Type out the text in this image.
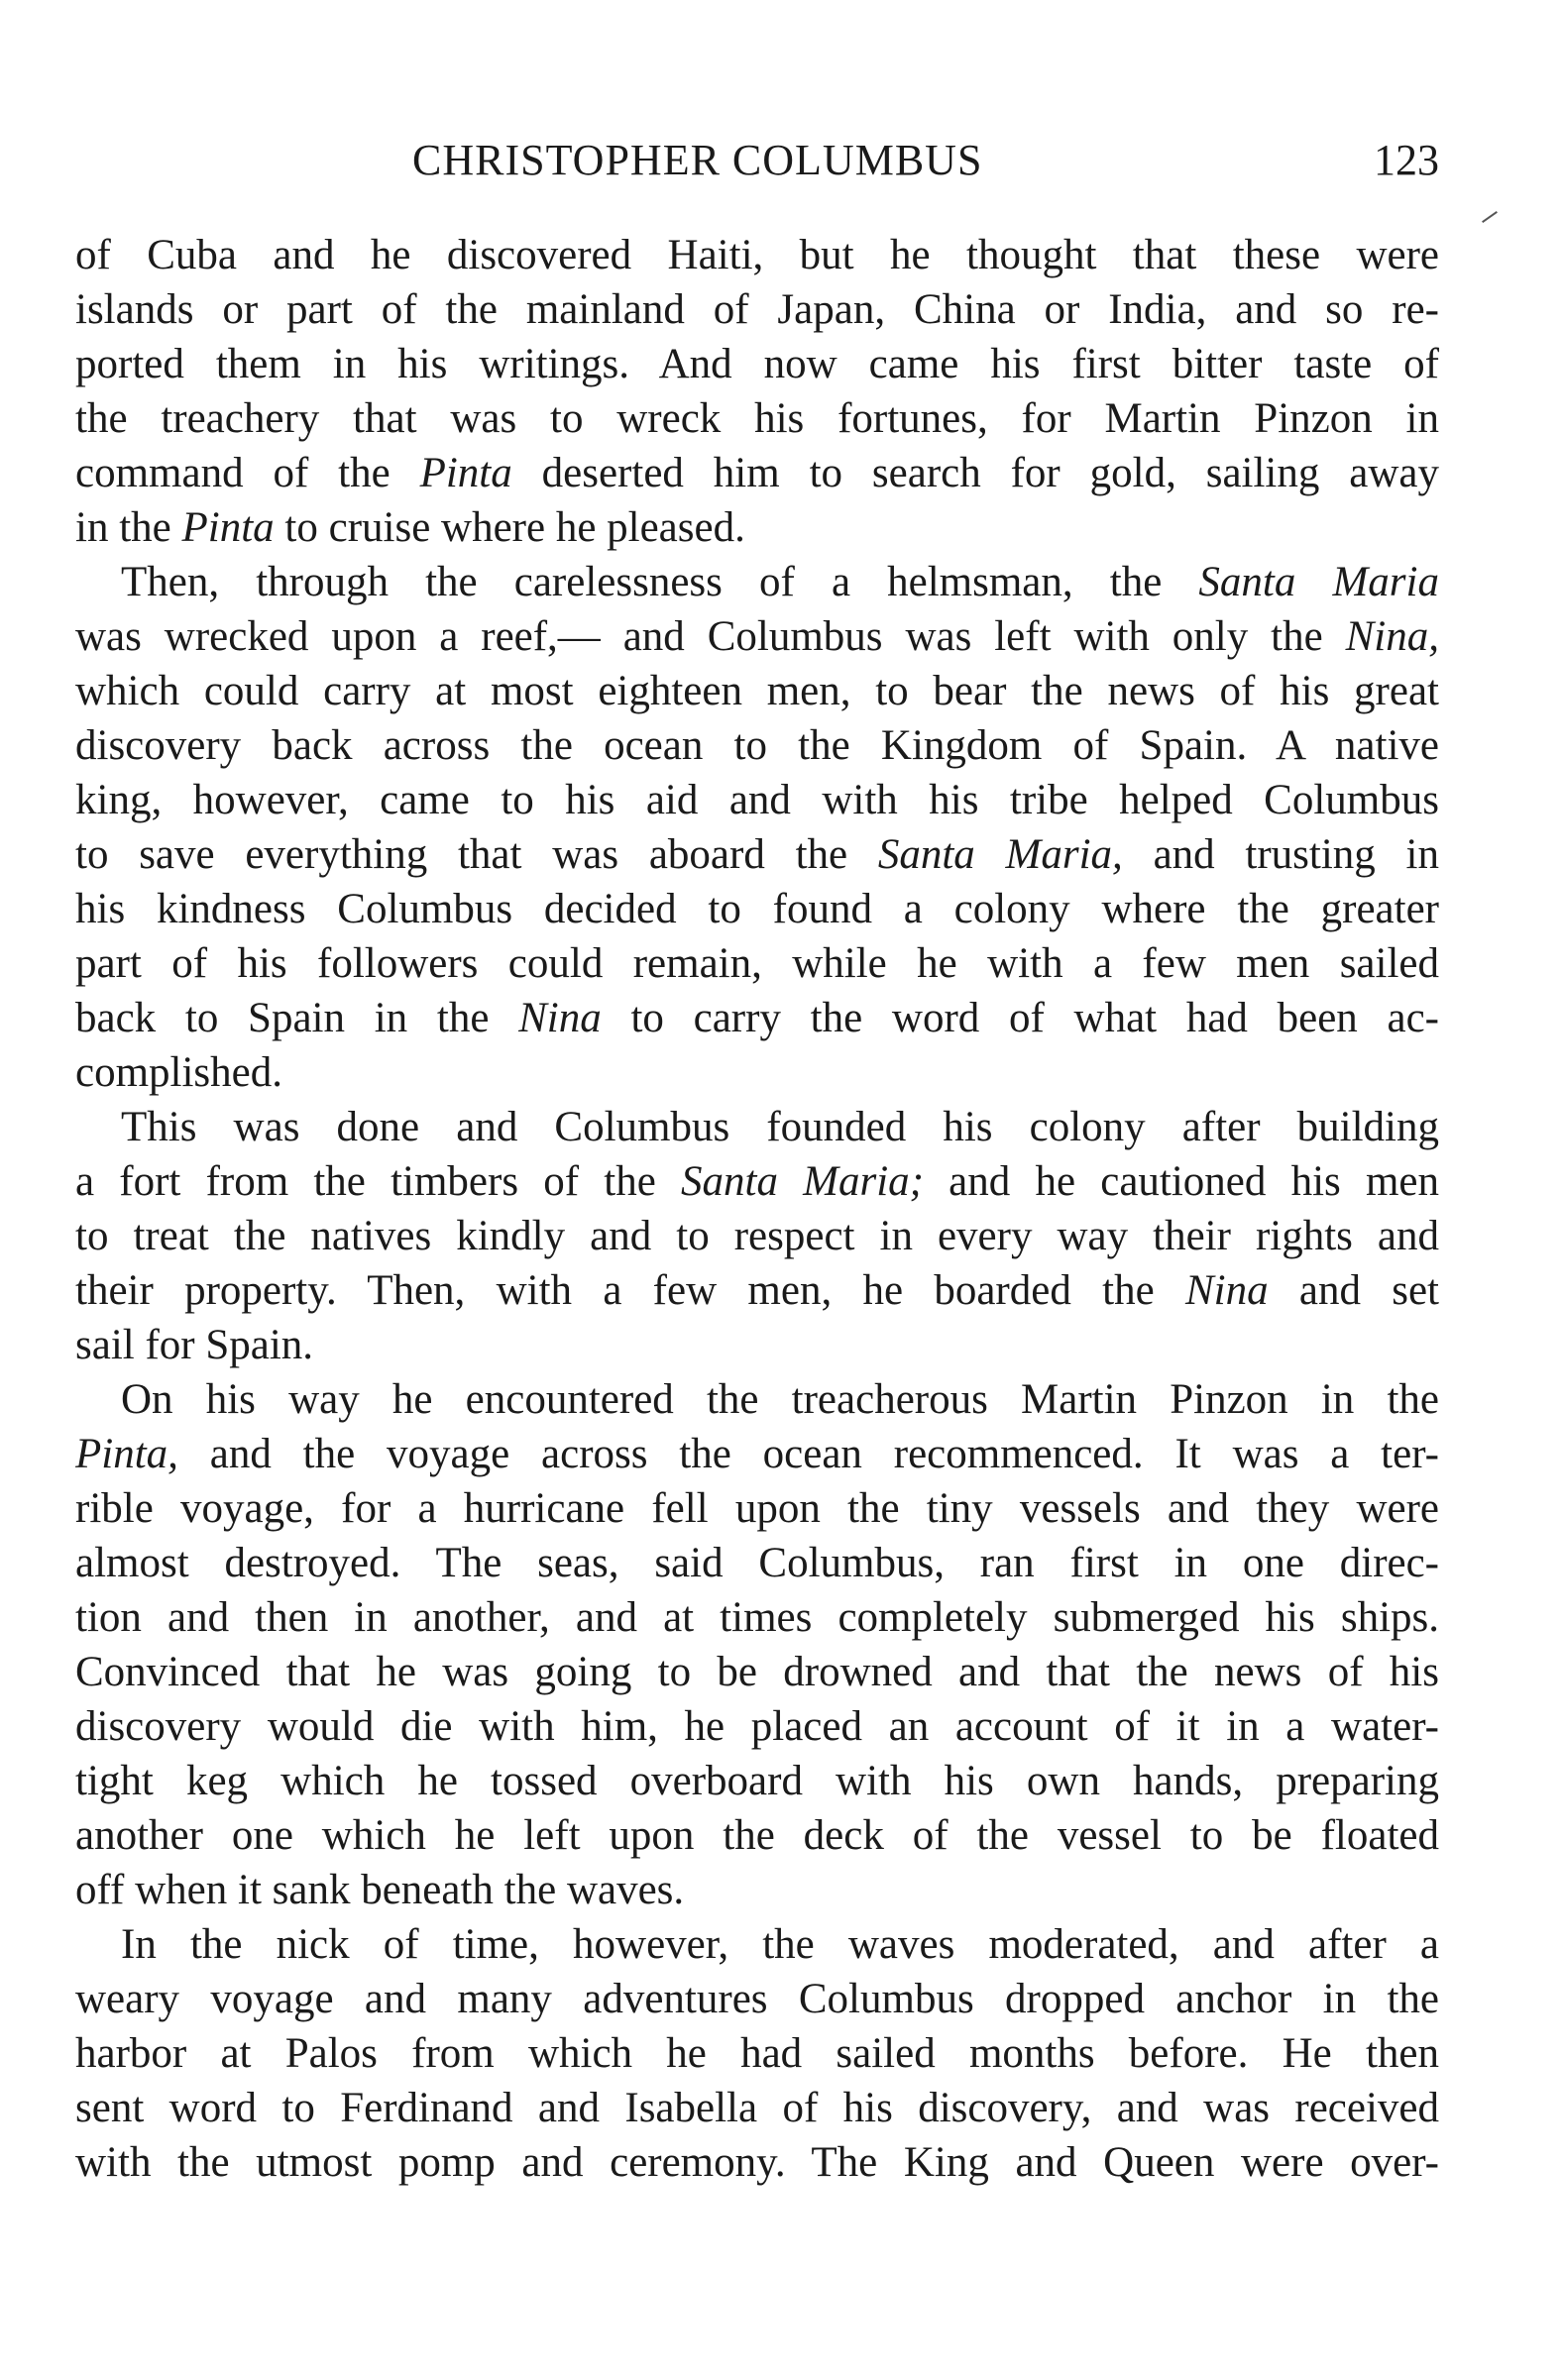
CHRISTOPHER COLUMBUS	123
of Cuba and he discovered Haiti, but he thought that these were
islands or part of the mainland of Japan, China or India, and so re-
ported them in his writings. And now came his first bitter taste of
the treachery that was to wreck his fortunes, for Martin Pinzon in
command of the Pinta deserted him to search for gold, sailing away
in the Pinta to cruise where he pleased.
Then, through the carelessness of a helmsman, the Santa Maria
was wrecked upon a reef,— and Columbus was left with only the Nina,
which could carry at most eighteen men, to bear the news of his great
discovery back across the ocean to the Kingdom of Spain. A native
king, however, came to his aid and with his tribe helped Columbus
to save everything that was aboard the Santa Maria, and trusting in
his kindness Columbus decided to found a colony where the greater
part of his followers could remain, while he with a few men sailed
back to Spain in the Nina to carry the word of what had been ac-
complished.
This was done and Columbus founded his colony after building
a fort from the timbers of the Santa Maria; and he cautioned his men
to treat the natives kindly and to respect in every way their rights and
their property. Then, with a few men, he boarded the Nina and set
sail for Spain.
On his way he encountered the treacherous Martin Pinzon in the
Pinta, and the voyage across the ocean recommenced. It was a ter-
rible voyage, for a hurricane fell upon the tiny vessels and they were
almost destroyed. The seas, said Columbus, ran first in one direc-
tion and then in another, and at times completely submerged his ships.
Convinced that he was going to be drowned and that the news of his
discovery would die with him, he placed an account of it in a water-
tight keg which he tossed overboard with his own hands, preparing
another one which he left upon the deck of the vessel to be floated
off when it sank beneath the waves.
In the nick of time, however, the waves moderated, and after a
weary voyage and many adventures Columbus dropped anchor in the
harbor at Palos from which he had sailed months before. He then
sent word to Ferdinand and Isabella of his discovery, and was received
with the utmost pomp and ceremony. The King and Queen were over-
